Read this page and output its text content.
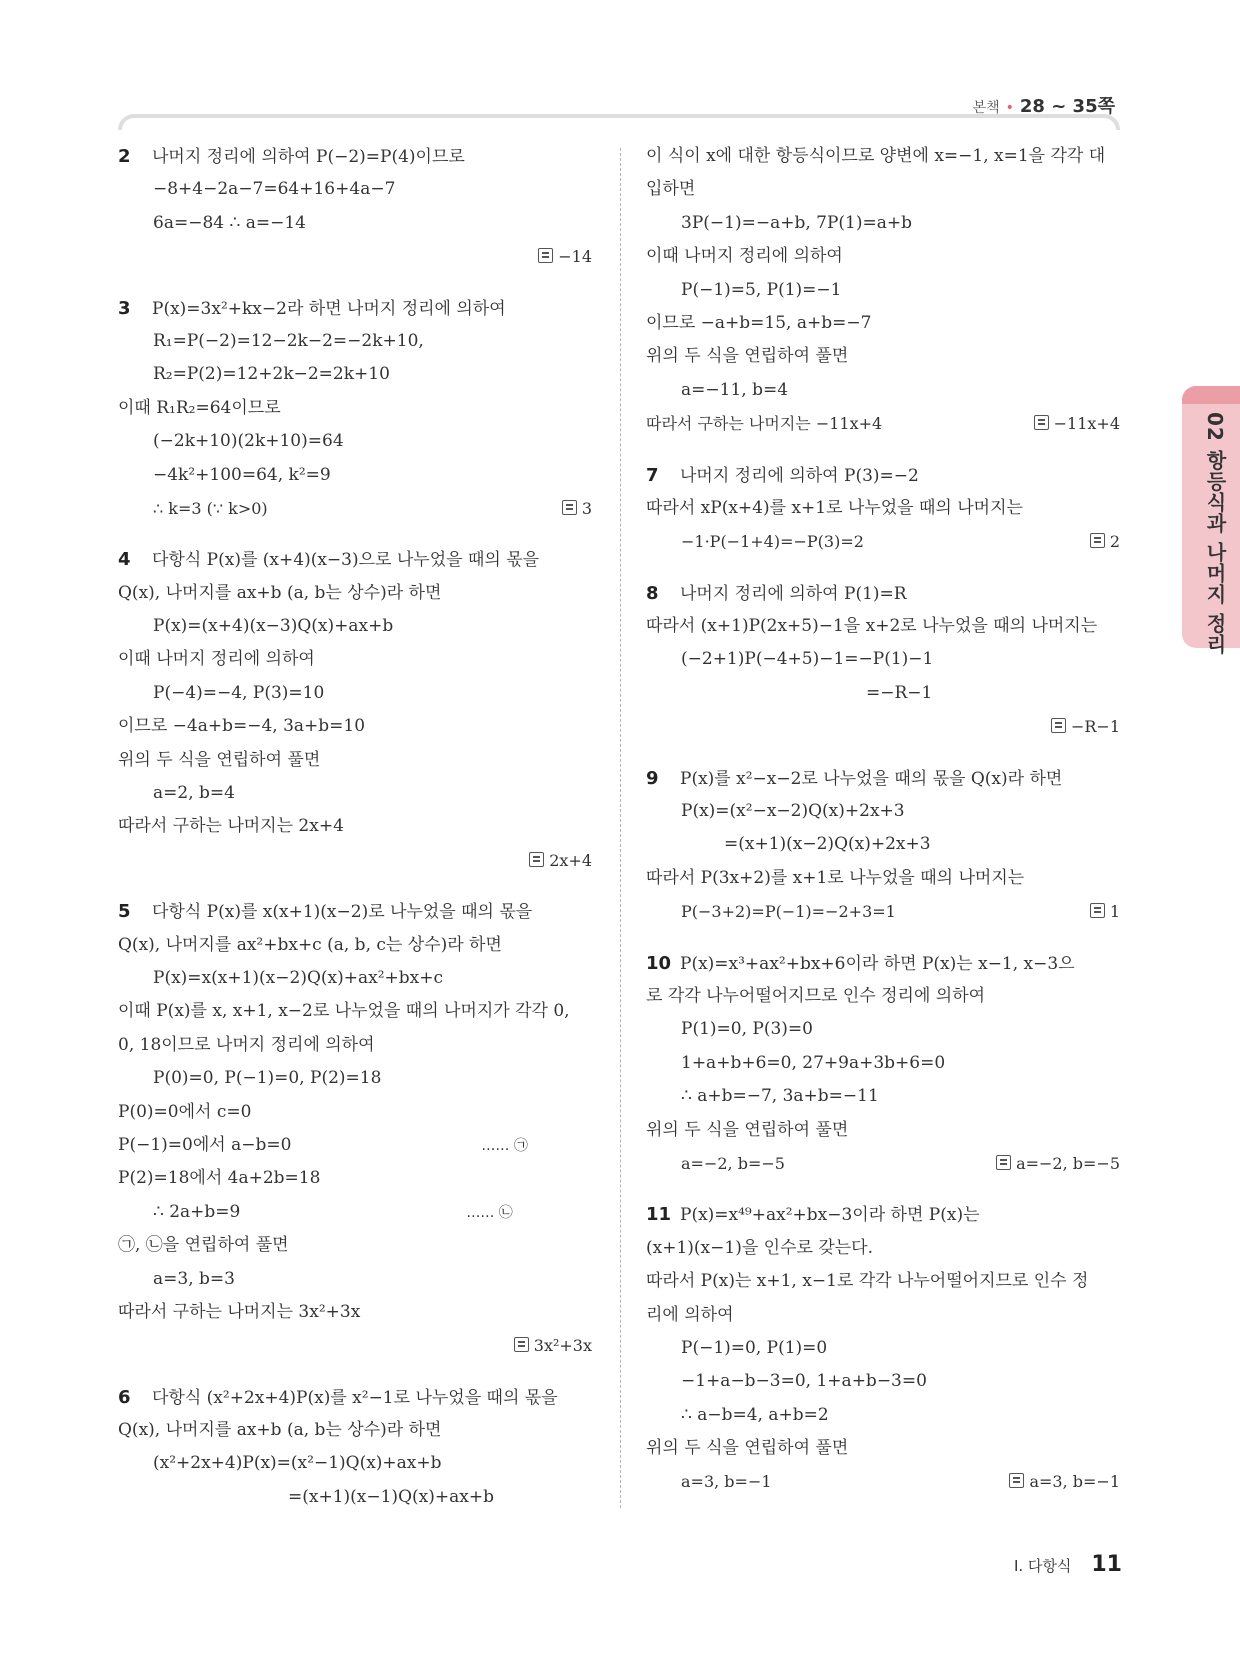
본책 • 28 ~ 35쪽
02 항등식과 나머지 정리
2 나머지 정리에 의하여 P(−2)=P(4)이므로
−8+4−2a−7=64+16+4a−7
6a=−84 ∴ a=−14
−14
3 P(x)=3x²+kx−2라 하면 나머지 정리에 의하여
R₁=P(−2)=12−2k−2=−2k+10,
R₂=P(2)=12+2k−2=2k+10
이때 R₁R₂=64이므로
(−2k+10)(2k+10)=64
−4k²+100=64, k²=9
∴ k=3 (∵ k>0)	3
4 다항식 P(x)를 (x+4)(x−3)으로 나누었을 때의 몫을
Q(x), 나머지를 ax+b (a, b는 상수)라 하면
P(x)=(x+4)(x−3)Q(x)+ax+b
이때 나머지 정리에 의하여
P(−4)=−4, P(3)=10
이므로 −4a+b=−4, 3a+b=10
위의 두 식을 연립하여 풀면
a=2, b=4
따라서 구하는 나머지는 2x+4
2x+4
5 다항식 P(x)를 x(x+1)(x−2)로 나누었을 때의 몫을
Q(x), 나머지를 ax²+bx+c (a, b, c는 상수)라 하면
P(x)=x(x+1)(x−2)Q(x)+ax²+bx+c
이때 P(x)를 x, x+1, x−2로 나누었을 때의 나머지가 각각 0,
0, 18이므로 나머지 정리에 의하여
P(0)=0, P(−1)=0, P(2)=18
P(0)=0에서 c=0
P(−1)=0에서 a−b=0	…… ㉠
P(2)=18에서 4a+2b=18
∴ 2a+b=9	…… ㉡
㉠, ㉡을 연립하여 풀면
a=3, b=3
따라서 구하는 나머지는 3x²+3x
3x²+3x
6 다항식 (x²+2x+4)P(x)를 x²−1로 나누었을 때의 몫을
Q(x), 나머지를 ax+b (a, b는 상수)라 하면
(x²+2x+4)P(x)=(x²−1)Q(x)+ax+b
=(x+1)(x−1)Q(x)+ax+b
이 식이 x에 대한 항등식이므로 양변에 x=−1, x=1을 각각 대
입하면
3P(−1)=−a+b, 7P(1)=a+b
이때 나머지 정리에 의하여
P(−1)=5, P(1)=−1
이므로 −a+b=15, a+b=−7
위의 두 식을 연립하여 풀면
a=−11, b=4
따라서 구하는 나머지는 −11x+4	−11x+4
7 나머지 정리에 의하여 P(3)=−2
따라서 xP(x+4)를 x+1로 나누었을 때의 나머지는
−1·P(−1+4)=−P(3)=2	2
8 나머지 정리에 의하여 P(1)=R
따라서 (x+1)P(2x+5)−1을 x+2로 나누었을 때의 나머지는
(−2+1)P(−4+5)−1=−P(1)−1
=−R−1
−R−1
9 P(x)를 x²−x−2로 나누었을 때의 몫을 Q(x)라 하면
P(x)=(x²−x−2)Q(x)+2x+3
=(x+1)(x−2)Q(x)+2x+3
따라서 P(3x+2)를 x+1로 나누었을 때의 나머지는
P(−3+2)=P(−1)=−2+3=1	1
10 P(x)=x³+ax²+bx+6이라 하면 P(x)는 x−1, x−3으
로 각각 나누어떨어지므로 인수 정리에 의하여
P(1)=0, P(3)=0
1+a+b+6=0, 27+9a+3b+6=0
∴ a+b=−7, 3a+b=−11
위의 두 식을 연립하여 풀면
a=−2, b=−5	a=−2, b=−5
11 P(x)=x⁴⁹+ax²+bx−3이라 하면 P(x)는
(x+1)(x−1)을 인수로 갖는다.
따라서 P(x)는 x+1, x−1로 각각 나누어떨어지므로 인수 정
리에 의하여
P(−1)=0, P(1)=0
−1+a−b−3=0, 1+a+b−3=0
∴ a−b=4, a+b=2
위의 두 식을 연립하여 풀면
a=3, b=−1	a=3, b=−1
Ⅰ. 다항식 11
